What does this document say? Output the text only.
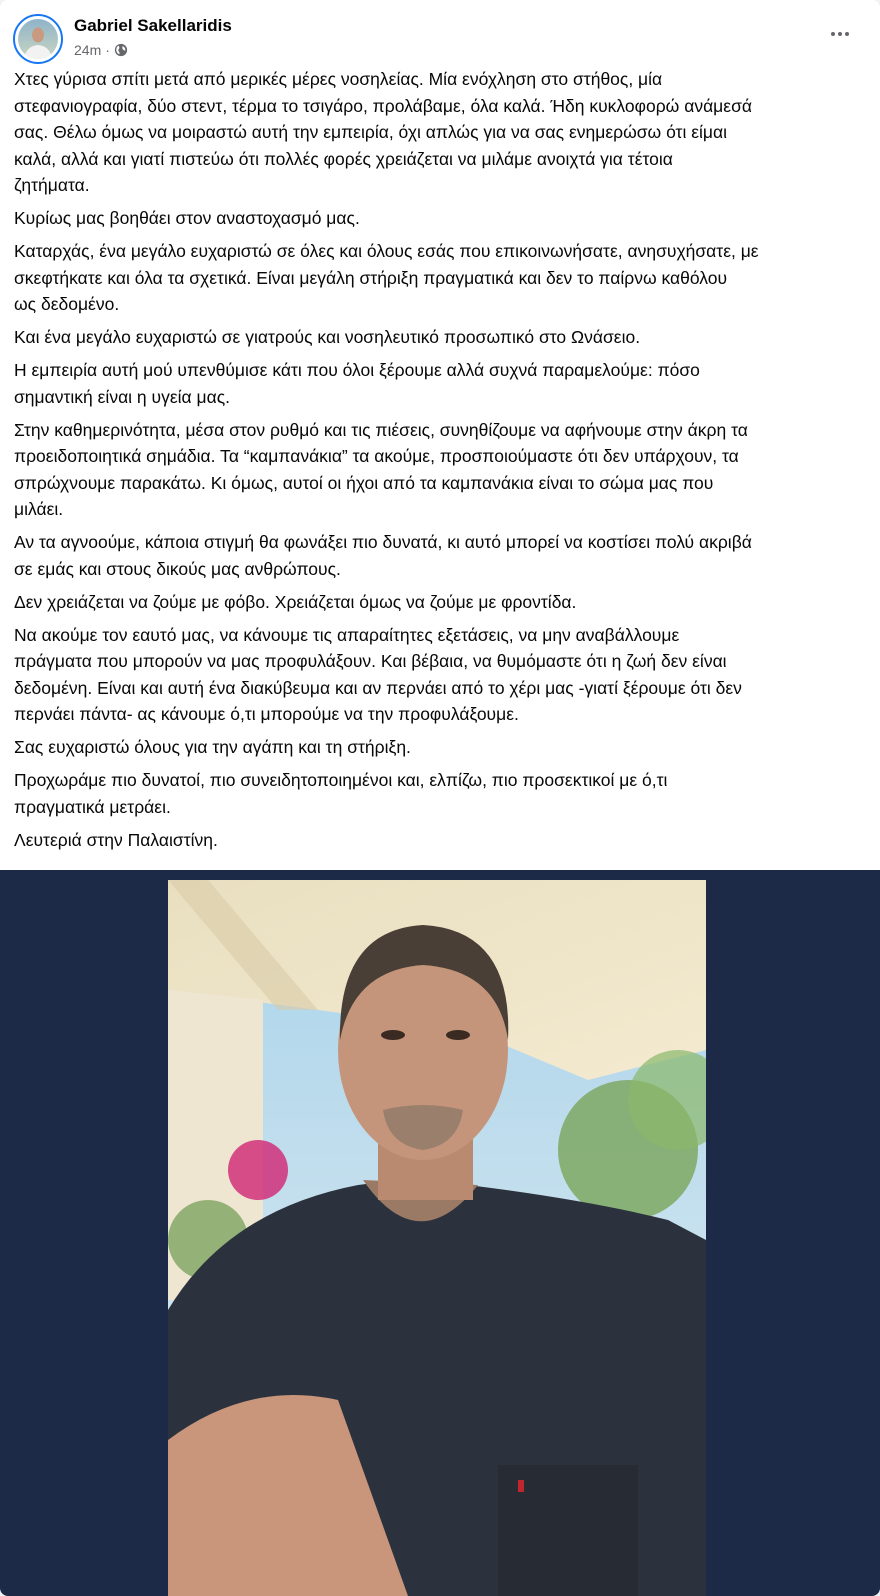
Gabriel Sakellaridis
24m ·
Χτες γύρισα σπίτι μετά από μερικές μέρες νοσηλείας. Μία ενόχληση στο στήθος, μία
στεφανιογραφία, δύο στεντ, τέρμα το τσιγάρο, προλάβαμε, όλα καλά. Ήδη κυκλοφορώ ανάμεσά
σας. Θέλω όμως να μοιραστώ αυτή την εμπειρία, όχι απλώς για να σας ενημερώσω ότι είμαι
καλά, αλλά και γιατί πιστεύω ότι πολλές φορές χρειάζεται να μιλάμε ανοιχτά για τέτοια
ζητήματα.
Κυρίως μας βοηθάει στον αναστοχασμό μας.
Καταρχάς, ένα μεγάλο ευχαριστώ σε όλες και όλους εσάς που επικοινωνήσατε, ανησυχήσατε, με
σκεφτήκατε και όλα τα σχετικά. Είναι μεγάλη στήριξη πραγματικά και δεν το παίρνω καθόλου
ως δεδομένο.
Και ένα μεγάλο ευχαριστώ σε γιατρούς και νοσηλευτικό προσωπικό στο Ωνάσειο.
Η εμπειρία αυτή μού υπενθύμισε κάτι που όλοι ξέρουμε αλλά συχνά παραμελούμε: πόσο
σημαντική είναι η υγεία μας.
Στην καθημερινότητα, μέσα στον ρυθμό και τις πιέσεις, συνηθίζουμε να αφήνουμε στην άκρη τα
προειδοποιητικά σημάδια. Τα “καμπανάκια” τα ακούμε, προσποιούμαστε ότι δεν υπάρχουν, τα
σπρώχνουμε παρακάτω. Κι όμως, αυτοί οι ήχοι από τα καμπανάκια είναι το σώμα μας που
μιλάει.
Αν τα αγνοούμε, κάποια στιγμή θα φωνάξει πιο δυνατά, κι αυτό μπορεί να κοστίσει πολύ ακριβά
σε εμάς και στους δικούς μας ανθρώπους.
Δεν χρειάζεται να ζούμε με φόβο. Χρειάζεται όμως να ζούμε με φροντίδα.
Να ακούμε τον εαυτό μας, να κάνουμε τις απαραίτητες εξετάσεις, να μην αναβάλλουμε
πράγματα που μπορούν να μας προφυλάξουν. Και βέβαια, να θυμόμαστε ότι η ζωή δεν είναι
δεδομένη. Είναι και αυτή ένα διακύβευμα και αν περνάει από το χέρι μας -γιατί ξέρουμε ότι δεν
περνάει πάντα- ας κάνουμε ό,τι μπορούμε να την προφυλάξουμε.
Σας ευχαριστώ όλους για την αγάπη και τη στήριξη.
Προχωράμε πιο δυνατοί, πιο συνειδητοποιημένοι και, ελπίζω, πιο προσεκτικοί με ό,τι
πραγματικά μετράει.
Λευτεριά στην Παλαιστίνη.
